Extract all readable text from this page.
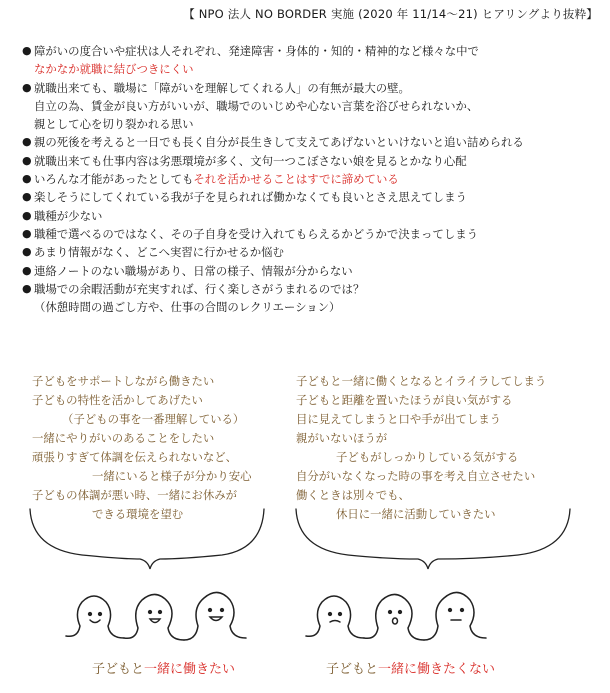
【 NPO 法人 NO BORDER 実施 (2020 年 11/14〜21) ヒアリングより抜粋】
● 障がいの度合いや症状は人それぞれ、発達障害・身体的・知的・精神的など様々な中で
なかなか就職に結びつきにくい
● 就職出来ても、職場に「障がいを理解してくれる人」の有無が最大の壁。
自立の為、賃金が良い方がいいが、職場でのいじめや心ない言葉を浴びせられないか、
親として心を切り裂かれる思い
● 親の死後を考えると一日でも長く自分が長生きして支えてあげないといけないと追い詰められる
● 就職出来ても仕事内容は劣悪環境が多く、文句一つこぼさない娘を見るとかなり心配
● いろんな才能があったとしてもそれを活かせることはすでに諦めている
● 楽しそうにしてくれている我が子を見られれば働かなくても良いとさえ思えてしまう
● 職種が少ない
● 職種で選べるのではなく、その子自身を受け入れてもらえるかどうかで決まってしまう
● あまり情報がなく、どこへ実習に行かせるか悩む
● 連絡ノートのない職場があり、日常の様子、情報が分からない
● 職場での余暇活動が充実すれば、行く楽しさがうまれるのでは？
（休憩時間の過ごし方や、仕事の合間のレクリエーション）
子どもをサポートしながら働きたい
子どもの特性を活かしてあげたい
（子どもの事を一番理解している）
一緒にやりがいのあることをしたい
頑張りすぎて体調を伝えられないなど、
一緒にいると様子が分かり安心
子どもの体調が悪い時、一緒にお休みが
できる環境を望む
子どもと一緒に働くとなるとイライラしてしまう
子どもと距離を置いたほうが良い気がする
目に見えてしまうと口や手が出てしまう
親がいないほうが
子どもがしっかりしている気がする
自分がいなくなった時の事を考え自立させたい
働くときは別々でも、
休日に一緒に活動していきたい
子どもと一緒に働きたい	子どもと一緒に働きたくない
